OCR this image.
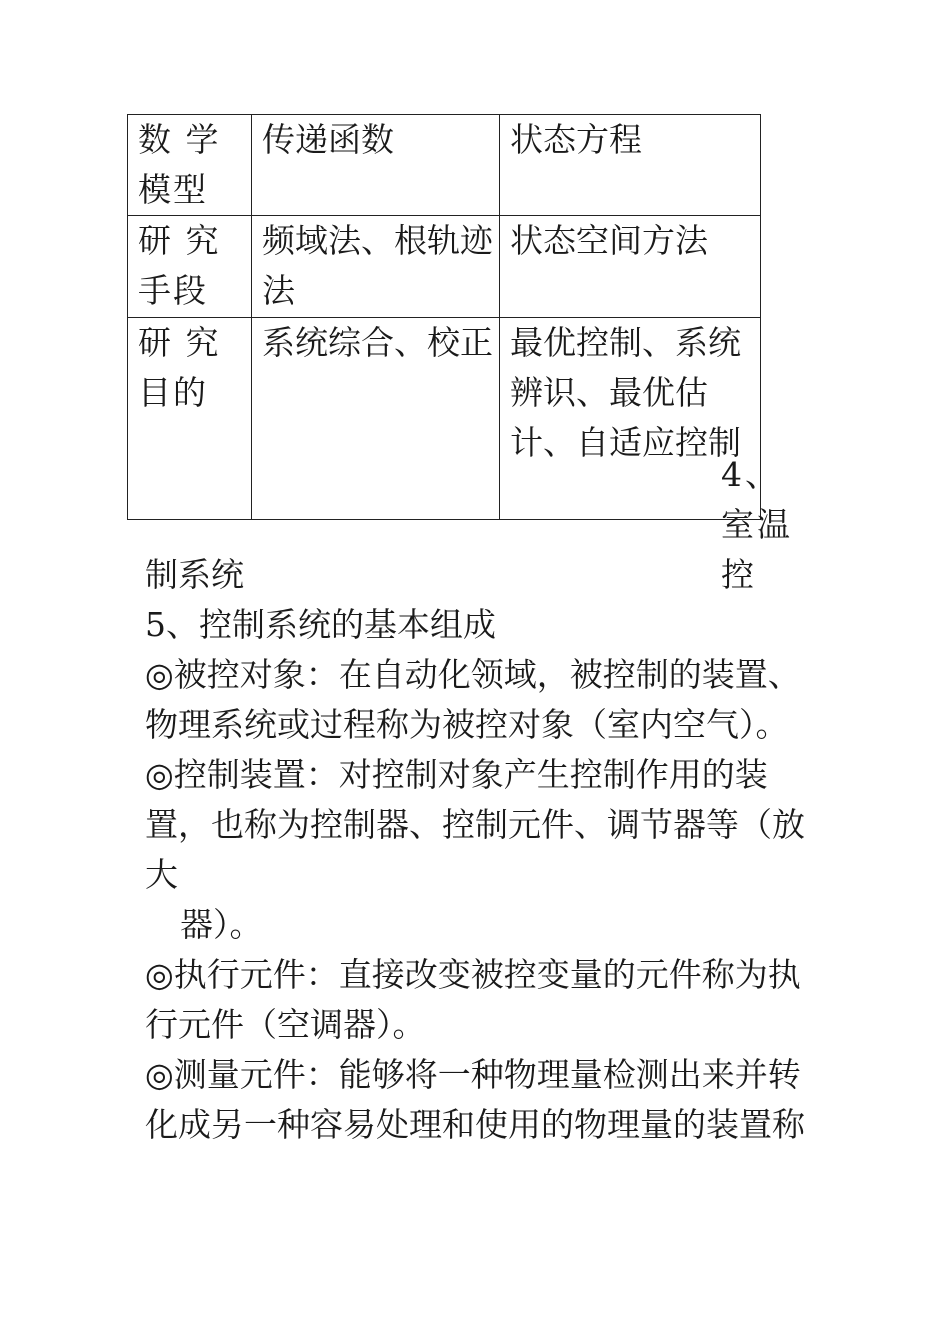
数 学 模型	传递函数	状态方程
研 究 手段	频域法、根轨迹法	状态空间方法
研 究 目的	系统综合、校正	最优控制、系统辨识、最优估计、自适应控制
4、室温 控

制系统

5、控制系统的基本组成

◎被控对象：在自动化领域，被控制的装置、物理系统或过程称为被控对象（室内空气）。

◎控制装置：对控制对象产生控制作用的装置，也称为控制器、控制元件、调节器等（放大

器）。

◎执行元件：直接改变被控变量的元件称为执行元件（空调器）。

◎测量元件：能够将一种物理量检测出来并转化成另一种容易处理和使用的物理量的装置称
